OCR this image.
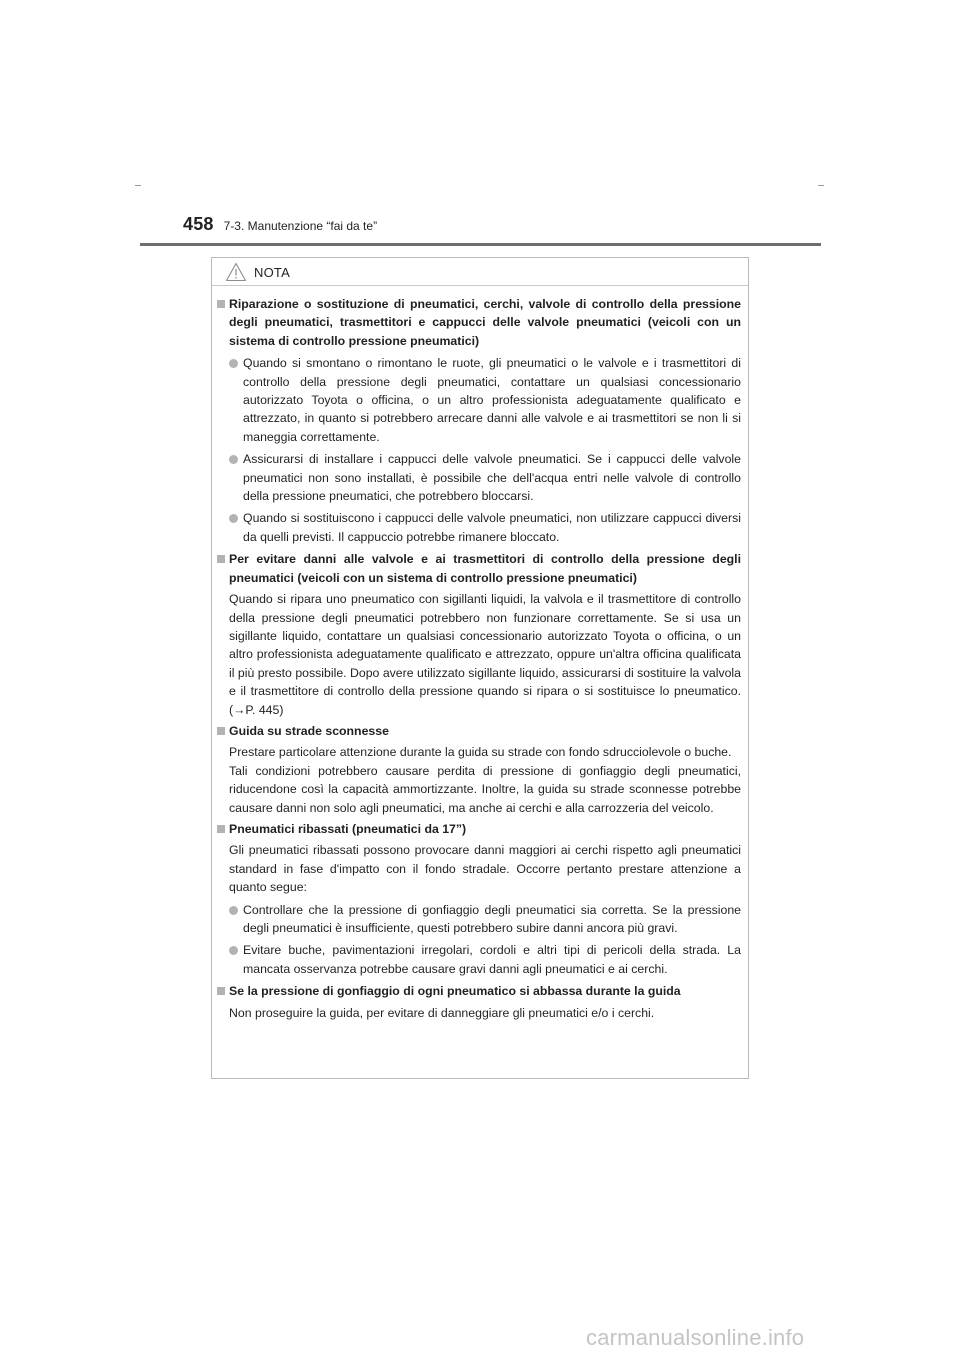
458 7-3. Manutenzione “fai da te”
NOTA
Riparazione o sostituzione di pneumatici, cerchi, valvole di controllo della pressione degli pneumatici, trasmettitori e cappucci delle valvole pneumatici (veicoli con un sistema di controllo pressione pneumatici)
Quando si smontano o rimontano le ruote, gli pneumatici o le valvole e i trasmettitori di controllo della pressione degli pneumatici, contattare un qualsiasi concessionario autorizzato Toyota o officina, o un altro professionista adeguatamente qualificato e attrezzato, in quanto si potrebbero arrecare danni alle valvole e ai trasmettitori se non li si maneggia correttamente.
Assicurarsi di installare i cappucci delle valvole pneumatici. Se i cappucci delle valvole pneumatici non sono installati, è possibile che dell'acqua entri nelle valvole di controllo della pressione pneumatici, che potrebbero bloccarsi.
Quando si sostituiscono i cappucci delle valvole pneumatici, non utilizzare cappucci diversi da quelli previsti. Il cappuccio potrebbe rimanere bloccato.
Per evitare danni alle valvole e ai trasmettitori di controllo della pressione degli pneumatici (veicoli con un sistema di controllo pressione pneumatici)

Quando si ripara uno pneumatico con sigillanti liquidi, la valvola e il trasmettitore di controllo della pressione degli pneumatici potrebbero non funzionare correttamente. Se si usa un sigillante liquido, contattare un qualsiasi concessionario autorizzato Toyota o officina, o un altro professionista adeguatamente qualificato e attrezzato, oppure un'altra officina qualificata il più presto possibile. Dopo avere utilizzato sigillante liquido, assicurarsi di sostituire la valvola e il trasmettitore di controllo della pressione quando si ripara o si sostituisce lo pneumatico. (→P. 445)

Guida su strade sconnesse

Prestare particolare attenzione durante la guida su strade con fondo sdrucciolevole o buche.

Tali condizioni potrebbero causare perdita di pressione di gonfiaggio degli pneumatici, riducendone così la capacità ammortizzante. Inoltre, la guida su strade sconnesse potrebbe causare danni non solo agli pneumatici, ma anche ai cerchi e alla carrozzeria del veicolo.

Pneumatici ribassati (pneumatici da 17”)

Gli pneumatici ribassati possono provocare danni maggiori ai cerchi rispetto agli pneumatici standard in fase d'impatto con il fondo stradale. Occorre pertanto prestare attenzione a quanto segue:

Controllare che la pressione di gonfiaggio degli pneumatici sia corretta. Se la pressione degli pneumatici è insufficiente, questi potrebbero subire danni ancora più gravi.
Evitare buche, pavimentazioni irregolari, cordoli e altri tipi di pericoli della strada. La mancata osservanza potrebbe causare gravi danni agli pneumatici e ai cerchi.
Se la pressione di gonfiaggio di ogni pneumatico si abbassa durante la guida

Non proseguire la guida, per evitare di danneggiare gli pneumatici e/o i cerchi.

carmanualsonline.info
